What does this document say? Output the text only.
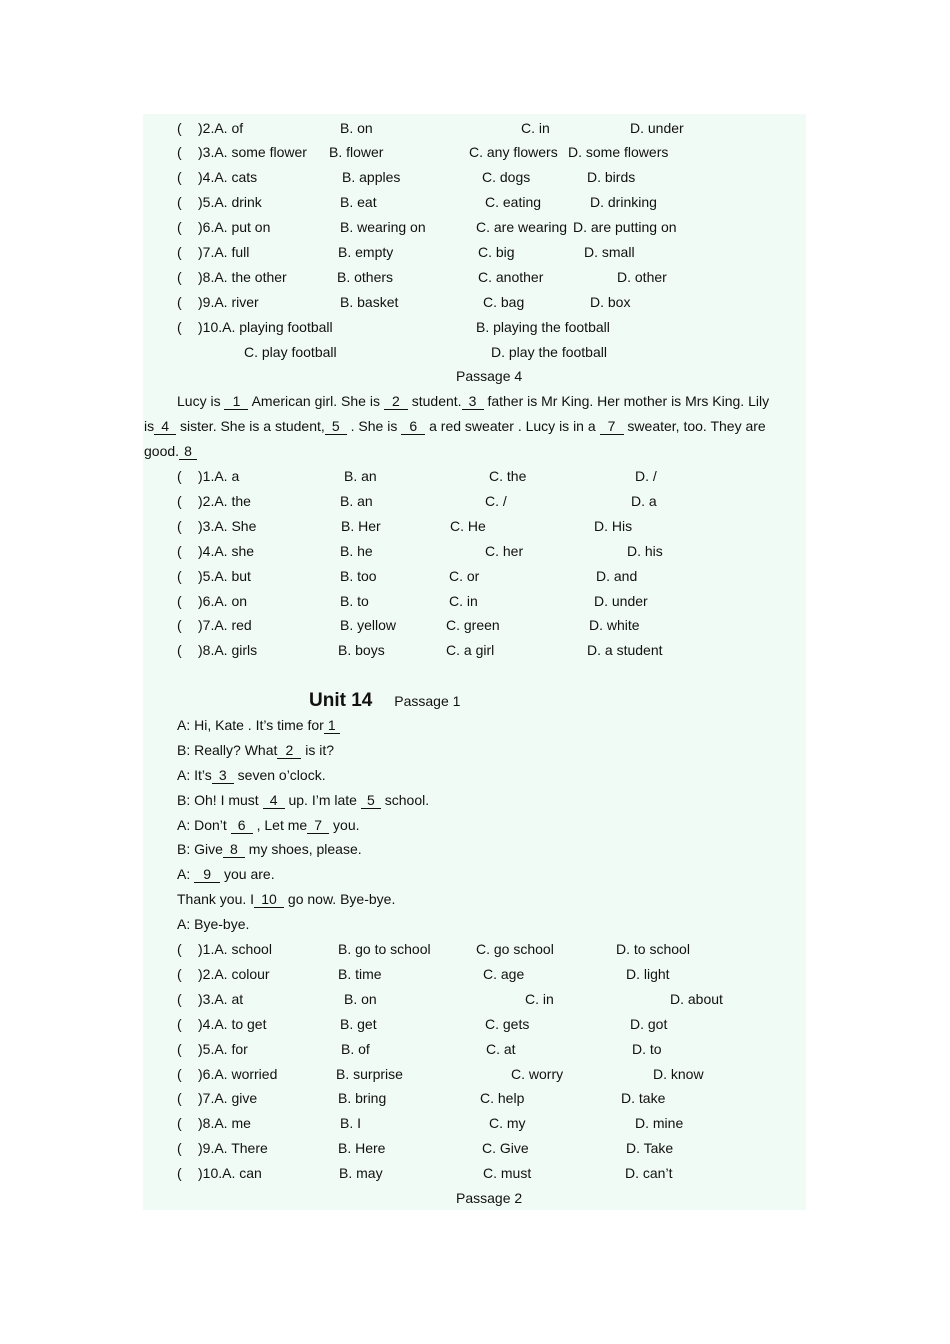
( )2.A. of	B. on	C. in	D. under
( )3.A. some flower B. flower	C. any flowers D. some flowers
( )4.A. cats	B. apples	C. dogs	D. birds
( )5.A. drink	B. eat	C. eating	D. drinking
( )6.A. put on	B. wearing on	C. are wearing D. are putting on
( )7.A. full	B. empty	C. big	D. small
( )8.A. the other	B. others	C. another	D. other
( )9.A. river	B. basket	C. bag	D. box
( )10.A. playing football	B. playing the football
C. play football	D. play the football
Passage 4
Lucy is 1 American girl. She is 2 student. 3 father is Mr King. Her mother is Mrs King. Lily
is 4 sister. She is a student, 5 . She is 6 a red sweater . Lucy is in a 7 sweater, too. They are
good. 8
( )1.A. a	B. an	C. the	D. /
( )2.A. the	B. an	C. /	D. a
( )3.A. She	B. Her	C. He	D. His
( )4.A. she	B. he	C. her	D. his
( )5.A. but	B. too	C. or	D. and
( )6.A. on	B. to	C. in	D. under
( )7.A. red	B. yellow	C. green	D. white
( )8.A. girls	B. boys	C. a girl	D. a student
Unit 14 Passage 1
A: Hi, Kate . It’s time for 1
B: Really? What 2 is it?
A: It’s 3 seven o’clock.
B: Oh! I must 4 up. I’m late 5 school.
A: Don’t 6 , Let me 7 you.
B: Give 8 my shoes, please.
A: 9 you are.
Thank you. I 10 go now. Bye-bye.
A: Bye-bye.
( )1.A. school	B. go to school	C. go school	D. to school
( )2.A. colour	B. time	C. age	D. light
( )3.A. at	B. on	C. in	D. about
( )4.A. to get	B. get	C. gets	D. got
( )5.A. for	B. of	C. at	D. to
( )6.A. worried	B. surprise	C. worry	D. know
( )7.A. give	B. bring	C. help	D. take
( )8.A. me	B. I	C. my	D. mine
( )9.A. There	B. Here	C. Give	D. Take
( )10.A. can	B. may	C. must	D. can’t
Passage 2
